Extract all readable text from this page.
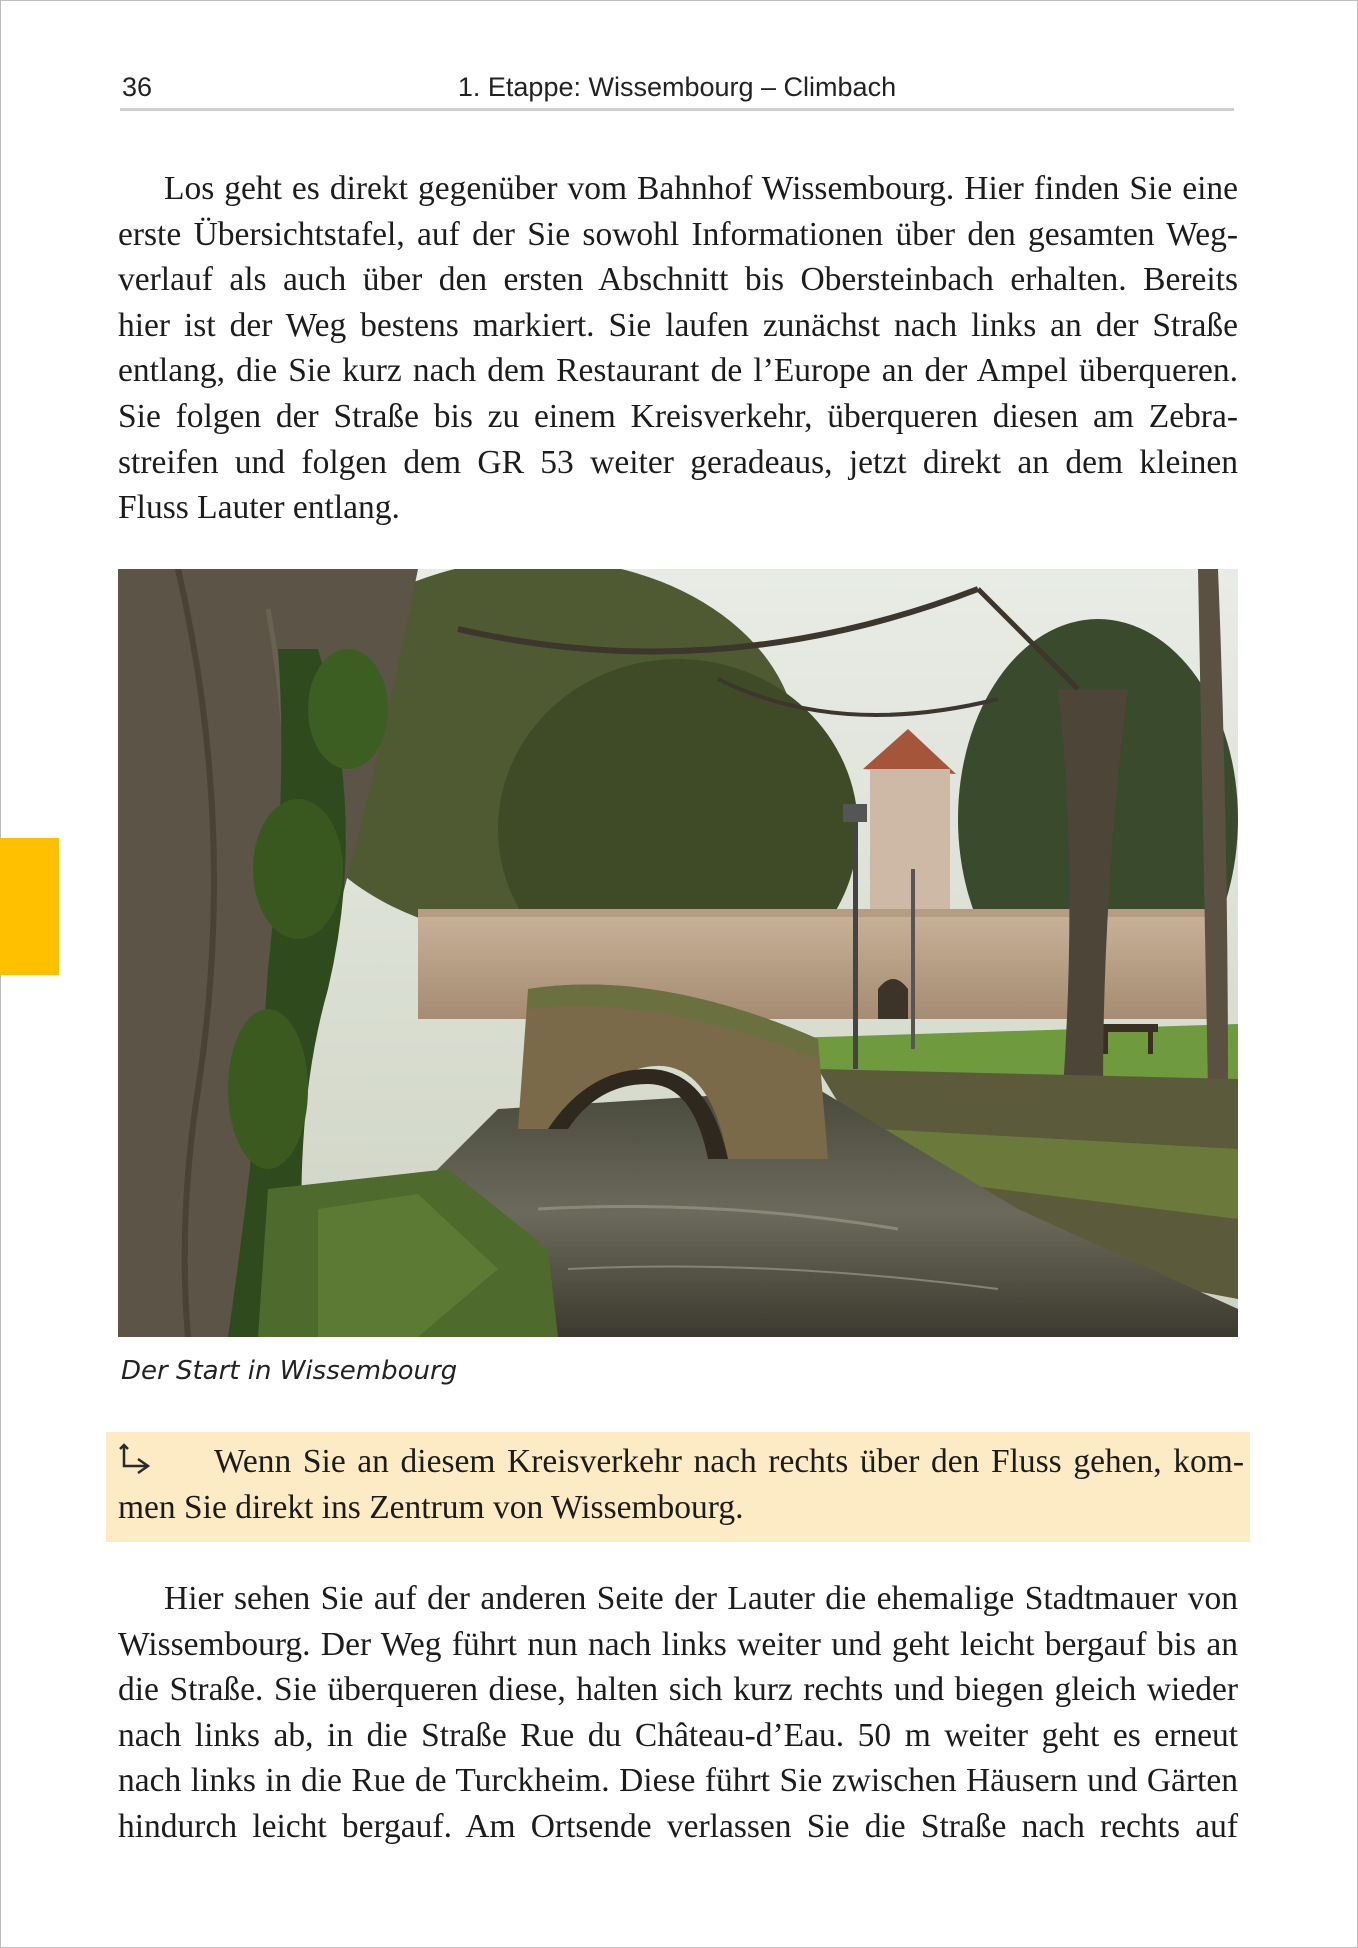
36	1. Etappe: Wissembourg – Climbach

Los geht es direkt gegenüber vom Bahnhof Wissembourg. Hier finden Sie eine
erste Übersichtstafel, auf der Sie sowohl Informationen über den gesamten Weg-
verlauf als auch über den ersten Abschnitt bis Obersteinbach erhalten. Bereits
hier ist der Weg bestens markiert. Sie laufen zunächst nach links an der Straße
entlang, die Sie kurz nach dem Restaurant de l’Europe an der Ampel überqueren.
Sie folgen der Straße bis zu einem Kreisverkehr, überqueren diesen am Zebra-
streifen und folgen dem GR 53 weiter geradeaus, jetzt direkt an dem kleinen
Fluss Lauter entlang.

Der Start in Wissembourg
Wenn Sie an diesem Kreisverkehr nach rechts über den Fluss gehen, kom-
men Sie direkt ins Zentrum von Wissembourg.

Hier sehen Sie auf der anderen Seite der Lauter die ehemalige Stadtmauer von
Wissembourg. Der Weg führt nun nach links weiter und geht leicht bergauf bis an
die Straße. Sie überqueren diese, halten sich kurz rechts und biegen gleich wieder
nach links ab, in die Straße Rue du Château-d’Eau. 50 m weiter geht es erneut
nach links in die Rue de Turckheim. Diese führt Sie zwischen Häusern und Gärten
hindurch leicht bergauf. Am Ortsende verlassen Sie die Straße nach rechts auf
